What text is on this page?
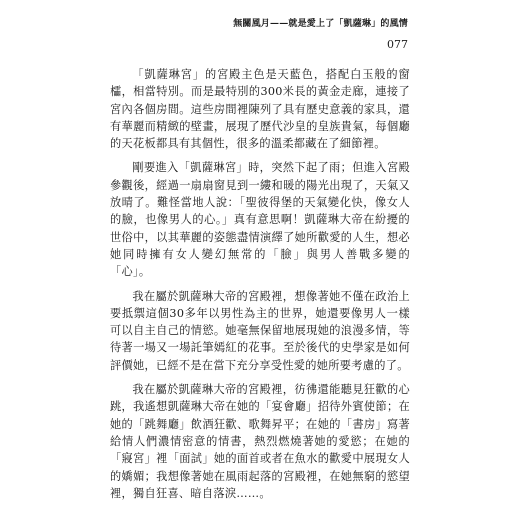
無關風月——就是愛上了「凱薩琳」的風情
077

「凱薩琳宮」的宮殿主色是天藍色，搭配白玉般的窗櫺，相當特別。而是最特別的300米長的黃金走廊，連接了宮內各個房間。這些房間裡陳列了具有歷史意義的家具，還有華麗而精緻的壁畫，展現了歷代沙皇的皇族貴氣，每個廳的天花板都具有其個性，很多的溫柔都藏在了細節裡。

剛要進入「凱薩琳宮」時，突然下起了雨；但進入宮殿參觀後，經過一扇扇窗見到一縷和暖的陽光出現了，天氣又放晴了。難怪當地人說：「聖彼得堡的天氣變化快，像女人的臉，也像男人的心。」真有意思啊！凱薩琳大帝在紛擾的世俗中，以其華麗的姿態盡情演繹了她所歡愛的人生，想必她同時擁有女人變幻無常的「臉」與男人善戰多變的「心」。

我在屬於凱薩琳大帝的宮殿裡，想像著她不僅在政治上要抵禦這個30多年以男性為主的世界，她還要像男人一樣可以自主自己的情慾。她毫無保留地展現她的浪漫多情，等待著一場又一場託筆嫣紅的花事。至於後代的史學家是如何評價她，已經不是在當下充分享受性愛的她所要考慮的了。

我在屬於凱薩琳大帝的宮殿裡，彷彿還能聽見狂歡的心跳，我遙想凱薩琳大帝在她的「宴會廳」招待外賓使節；在她的「跳舞廳」飲酒狂歡、歌舞昇平；在她的「書房」寫著給情人們濃情密意的情書，熱烈燃燒著她的愛慾；在她的「寢宮」裡「面試」她的面首或者在魚水的歡愛中展現女人的嬌媚；我想像著她在風雨起落的宮殿裡，在她無窮的慾望裡，獨自狂喜、暗自落淚……。
